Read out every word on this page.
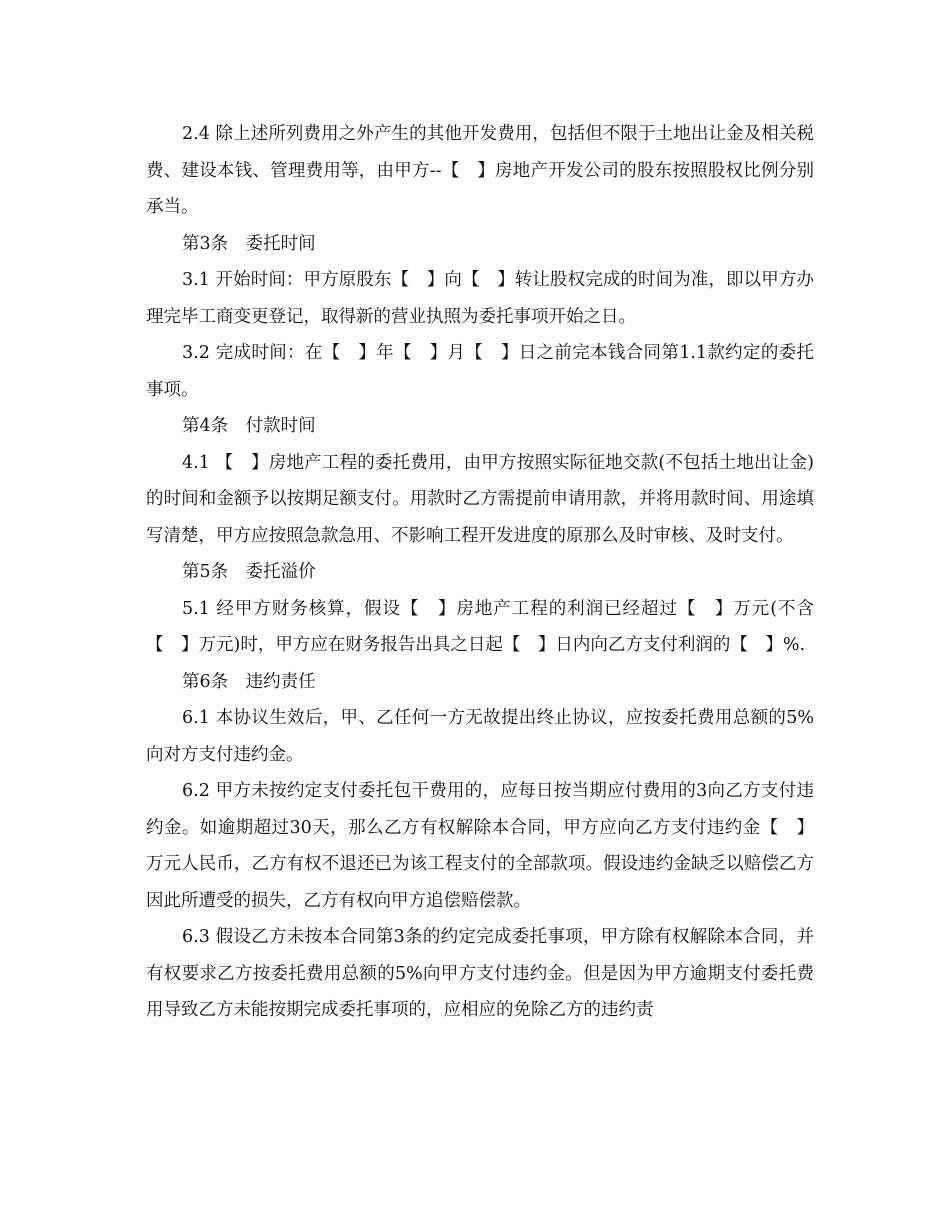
2.4 除上述所列费用之外产生的其他开发费用，包括但不限于土地出让金及相关税费、建设本钱、管理费用等，由甲方--【　】房地产开发公司的股东按照股权比例分别承当。

第3条　委托时间

3.1 开始时间：甲方原股东【　】向【　】转让股权完成的时间为准，即以甲方办理完毕工商变更登记，取得新的营业执照为委托事项开始之日。

3.2 完成时间：在【　】年【　】月【　】日之前完本钱合同第1.1款约定的委托事项。

第4条　付款时间

4.1 【　】房地产工程的委托费用，由甲方按照实际征地交款(不包括土地出让金)的时间和金额予以按期足额支付。用款时乙方需提前申请用款，并将用款时间、用途填写清楚，甲方应按照急款急用、不影响工程开发进度的原那么及时审核、及时支付。

第5条　委托溢价

5.1 经甲方财务核算，假设【　】房地产工程的利润已经超过【　】万元(不含【　】万元)时，甲方应在财务报告出具之日起【　】日内向乙方支付利润的【　】%.

第6条　违约责任

6.1 本协议生效后，甲、乙任何一方无故提出终止协议，应按委托费用总额的5%向对方支付违约金。

6.2 甲方未按约定支付委托包干费用的，应每日按当期应付费用的3向乙方支付违约金。如逾期超过30天，那么乙方有权解除本合同，甲方应向乙方支付违约金【　】万元人民币，乙方有权不退还已为该工程支付的全部款项。假设违约金缺乏以赔偿乙方因此所遭受的损失，乙方有权向甲方追偿赔偿款。

6.3 假设乙方未按本合同第3条的约定完成委托事项，甲方除有权解除本合同，并有权要求乙方按委托费用总额的5%向甲方支付违约金。但是因为甲方逾期支付委托费用导致乙方未能按期完成委托事项的，应相应的免除乙方的违约责
